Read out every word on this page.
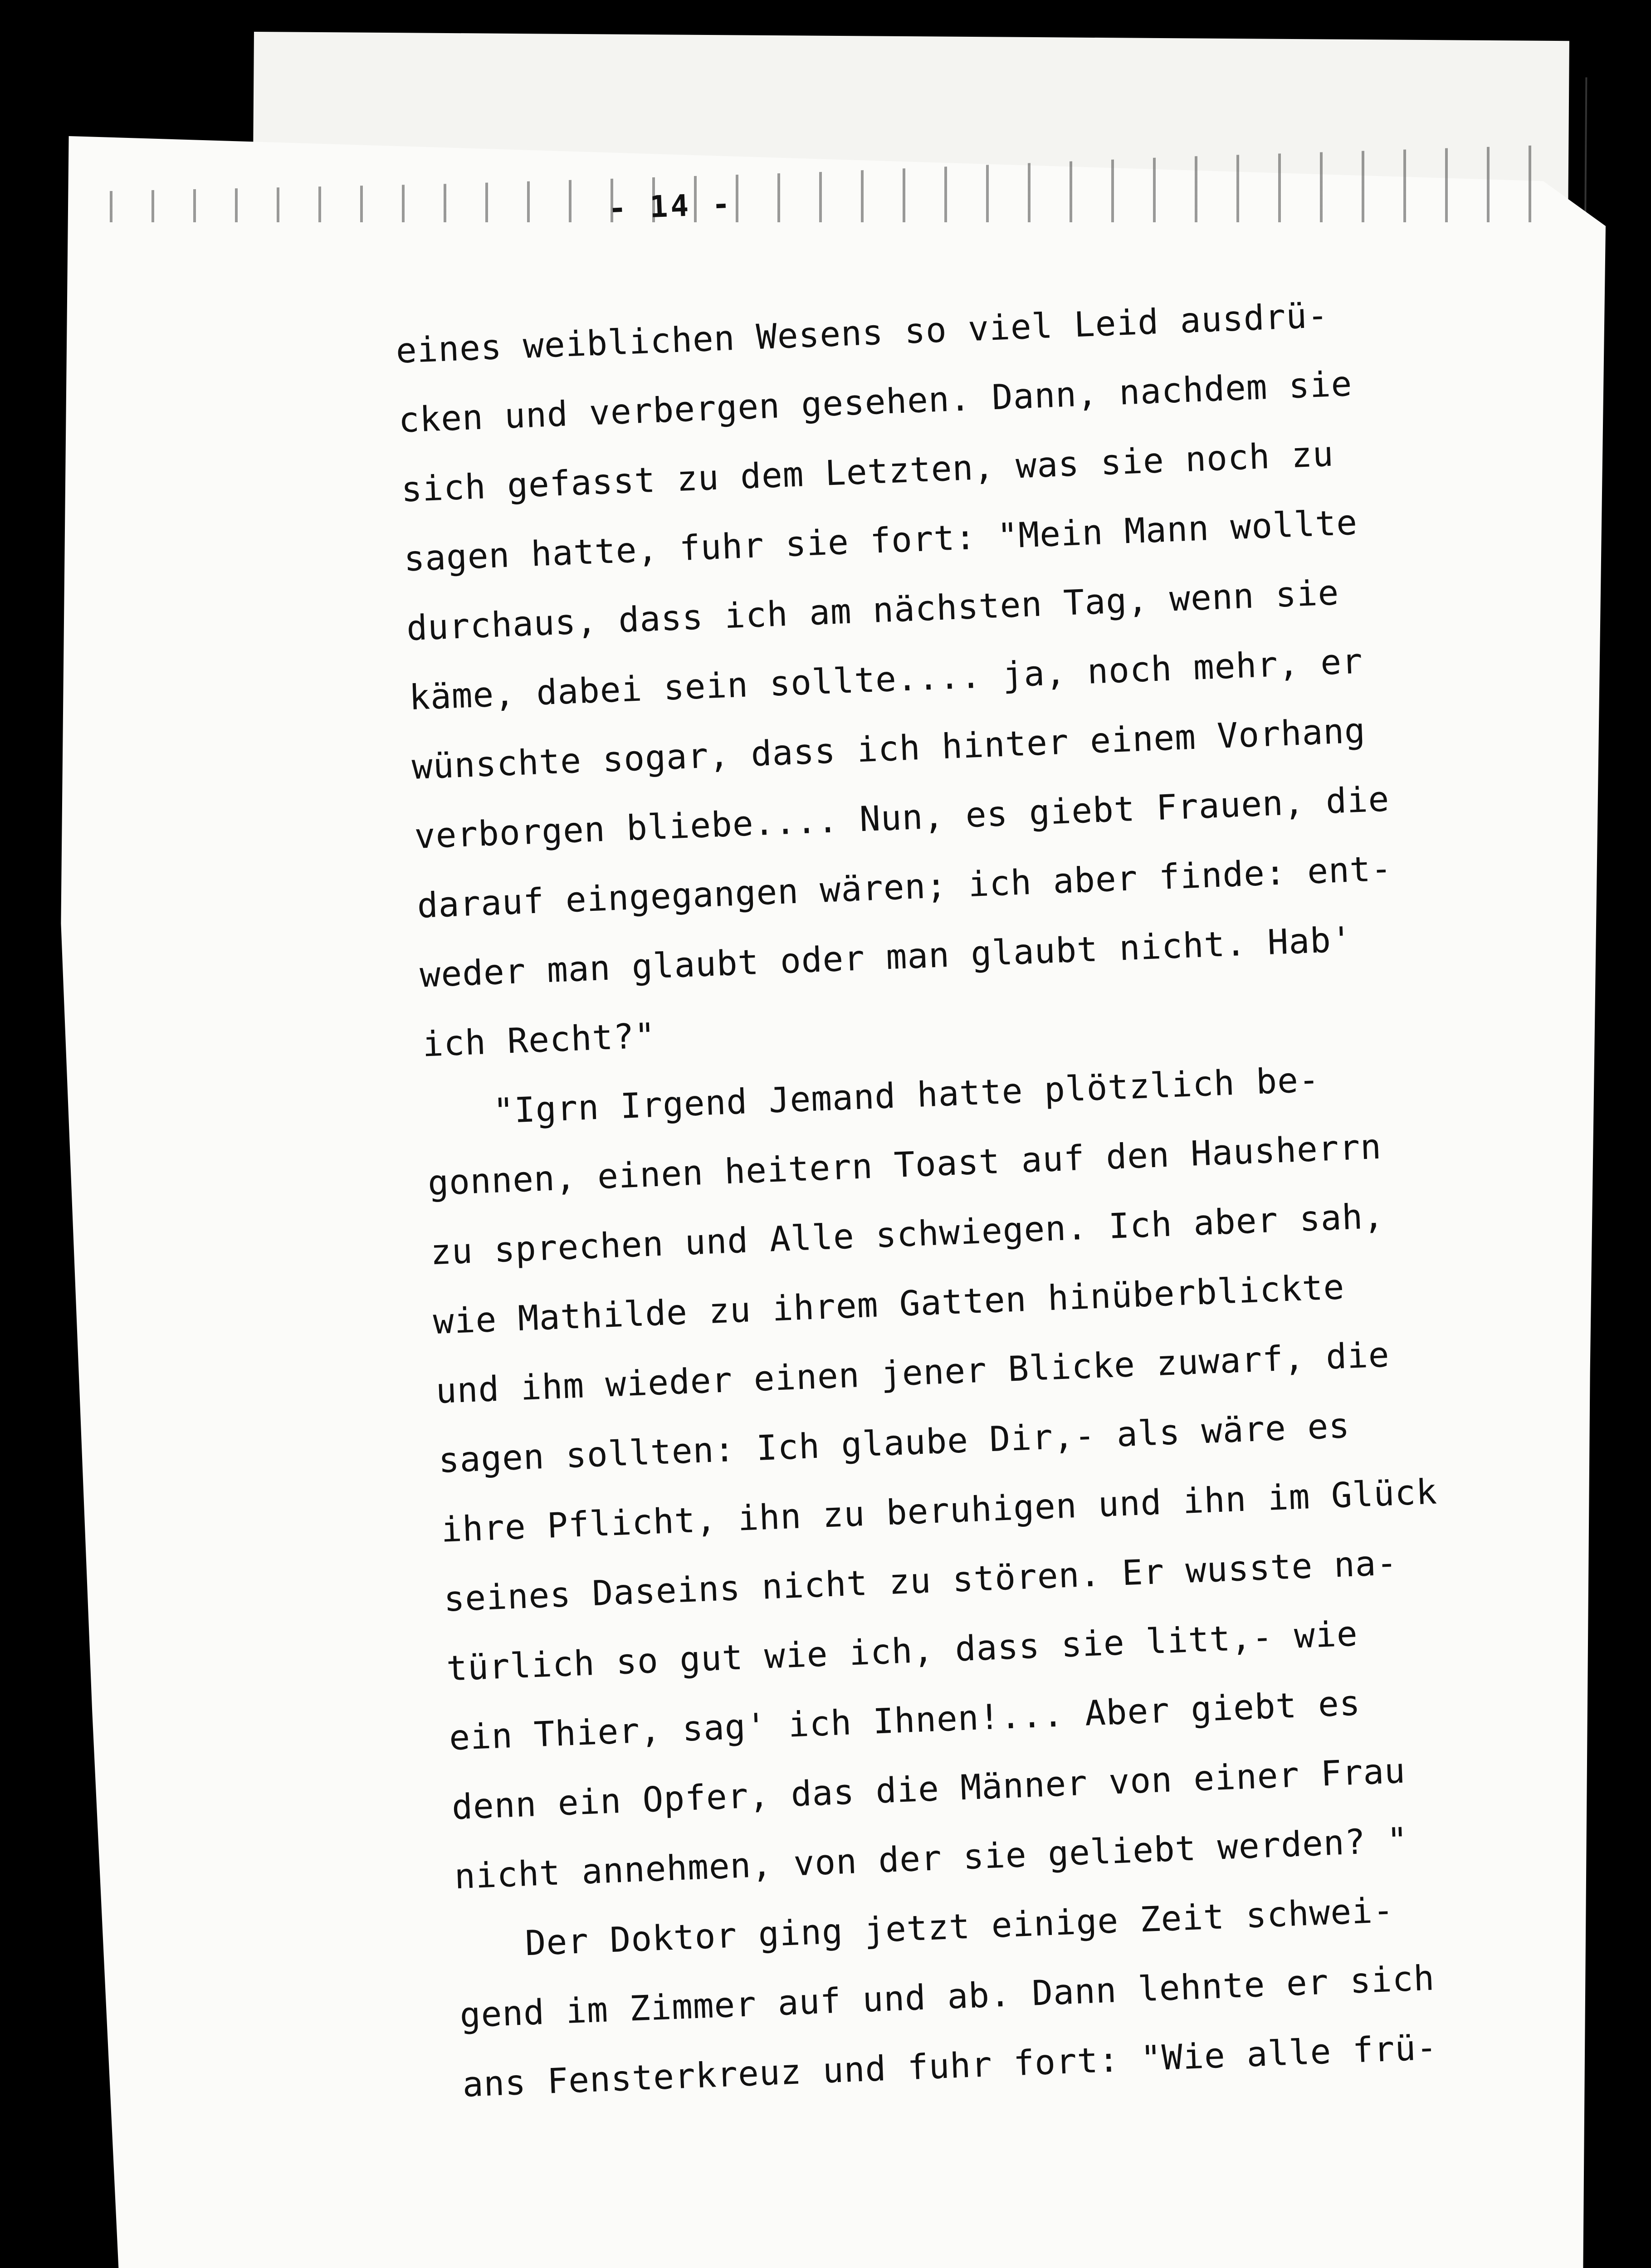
- 14 -
eines weiblichen Wesens so viel Leid ausdrü-
cken und verbergen gesehen. Dann, nachdem sie
sich gefasst zu dem Letzten, was sie noch zu
sagen hatte, fuhr sie fort: "Mein Mann wollte
durchaus, dass ich am nächsten Tag, wenn sie
käme, dabei sein sollte.... ja, noch mehr, er
wünschte sogar, dass ich hinter einem Vorhang
verborgen bliebe.... Nun, es giebt Frauen, die
darauf eingegangen wären; ich aber finde: ent-
weder man glaubt oder man glaubt nicht. Hab'
ich Recht?"
"Igrn Irgend Jemand hatte plötzlich be-
gonnen, einen heitern Toast auf den Hausherrn
zu sprechen und Alle schwiegen. Ich aber sah,
wie Mathilde zu ihrem Gatten hinüberblickte
und ihm wieder einen jener Blicke zuwarf, die
sagen sollten: Ich glaube Dir,- als wäre es
ihre Pflicht, ihn zu beruhigen und ihn im Glück
seines Daseins nicht zu stören. Er wusste na-
türlich so gut wie ich, dass sie litt,- wie
ein Thier, sag' ich Ihnen!... Aber giebt es
denn ein Opfer, das die Männer von einer Frau
nicht annehmen, von der sie geliebt werden? "
Der Doktor ging jetzt einige Zeit schwei-
gend im Zimmer auf und ab. Dann lehnte er sich
ans Fensterkreuz und fuhr fort: "Wie alle frü-
